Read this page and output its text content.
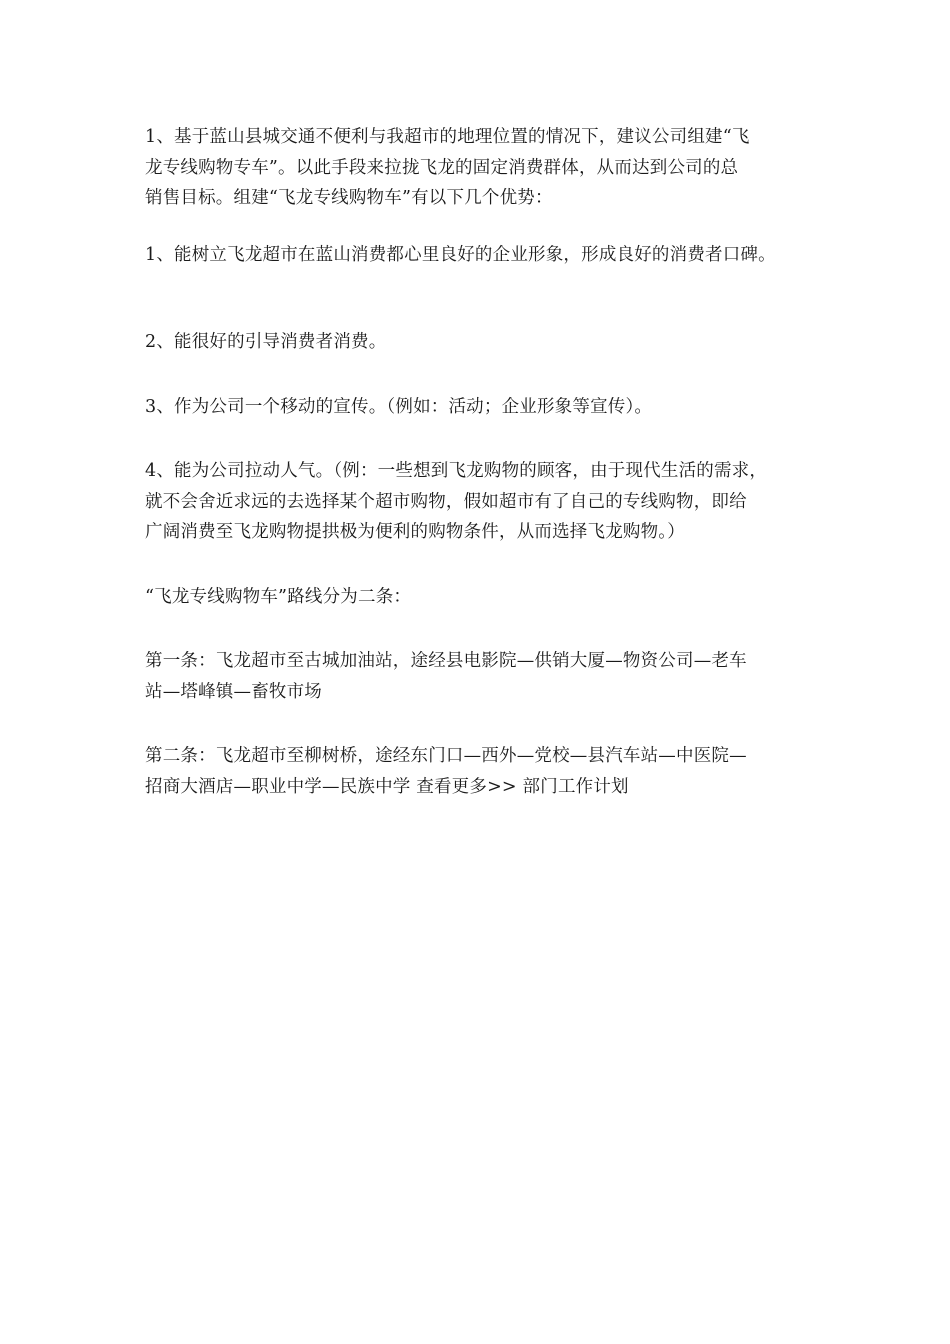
1、基于蓝山县城交通不便利与我超市的地理位置的情况下，建议公司组建“飞
龙专线购物专车”。以此手段来拉拢飞龙的固定消费群体，从而达到公司的总
销售目标。组建“飞龙专线购物车”有以下几个优势：

1、能树立飞龙超市在蓝山消费都心里良好的企业形象，形成良好的消费者口碑。

2、能很好的引导消费者消费。

3、作为公司一个移动的宣传。（例如：活动；企业形象等宣传）。

4、能为公司拉动人气。（例：一些想到飞龙购物的顾客，由于现代生活的需求，
就不会舍近求远的去选择某个超市购物，假如超市有了自己的专线购物，即给
广阔消费至飞龙购物提拱极为便利的购物条件，从而选择飞龙购物。）

“飞龙专线购物车”路线分为二条：

第一条：飞龙超市至古城加油站，途经县电影院—供销大厦—物资公司—老车
站—塔峰镇—畜牧市场

第二条：飞龙超市至柳树桥，途经东门口—西外—党校—县汽车站—中医院—
招商大酒店—职业中学—民族中学 查看更多>> 部门工作计划
